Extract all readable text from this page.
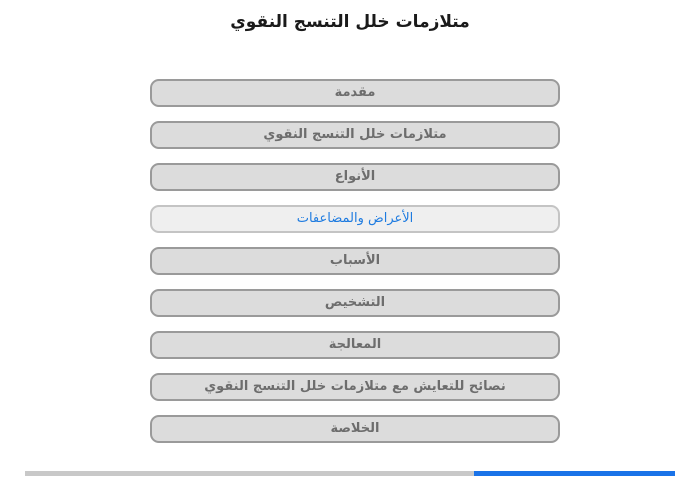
متلازمات خلل التنسج النقوي
مقدمة
متلازمات خلل التنسج النقوي
الأنواع
الأعراض والمضاعفات
الأسباب
التشخيص
المعالجة
نصائح للتعايش مع متلازمات خلل التنسج النقوي
الخلاصة
